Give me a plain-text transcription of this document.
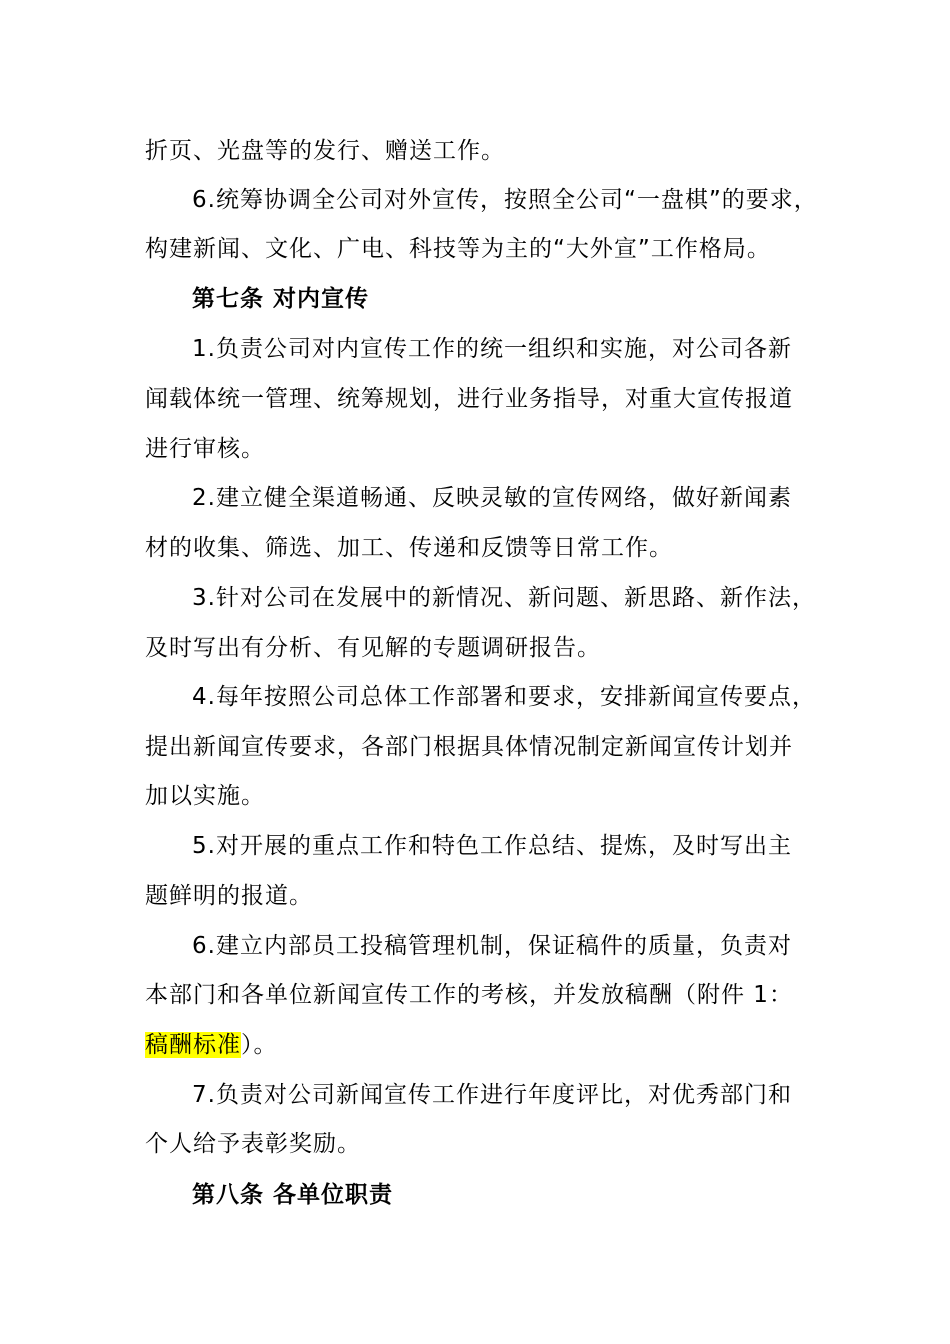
折页、光盘等的发行、赠送工作。
6.统筹协调全公司对外宣传，按照全公司“一盘棋”的要求，
构建新闻、文化、广电、科技等为主的“大外宣”工作格局。
第七条 对内宣传
1.负责公司对内宣传工作的统一组织和实施，对公司各新
闻载体统一管理、统筹规划，进行业务指导，对重大宣传报道
进行审核。
2.建立健全渠道畅通、反映灵敏的宣传网络，做好新闻素
材的收集、筛选、加工、传递和反馈等日常工作。
3.针对公司在发展中的新情况、新问题、新思路、新作法，
及时写出有分析、有见解的专题调研报告。
4.每年按照公司总体工作部署和要求，安排新闻宣传要点，
提出新闻宣传要求，各部门根据具体情况制定新闻宣传计划并
加以实施。
5.对开展的重点工作和特色工作总结、提炼，及时写出主
题鲜明的报道。
6.建立内部员工投稿管理机制，保证稿件的质量，负责对
本部门和各单位新闻宣传工作的考核，并发放稿酬（附件 1：
稿酬标准）。
7.负责对公司新闻宣传工作进行年度评比，对优秀部门和
个人给予表彰奖励。
第八条 各单位职责
